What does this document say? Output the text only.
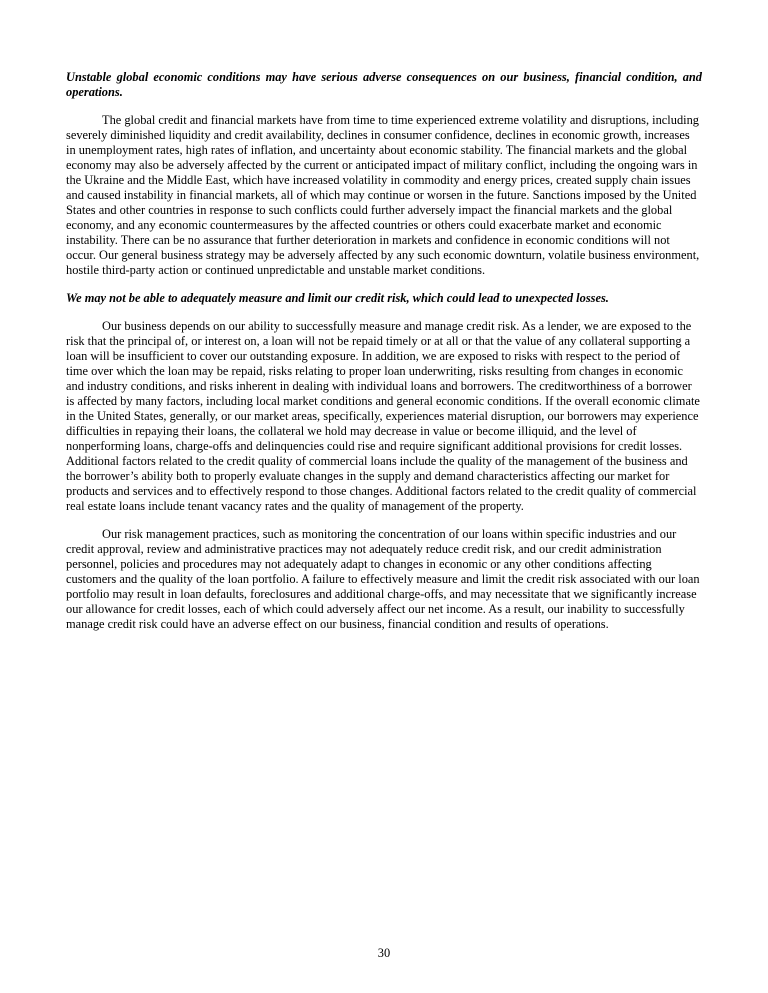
Unstable global economic conditions may have serious adverse consequences on our business, financial condition, and operations.

The global credit and financial markets have from time to time experienced extreme volatility and disruptions, including severely diminished liquidity and credit availability, declines in consumer confidence, declines in economic growth, increases in unemployment rates, high rates of inflation, and uncertainty about economic stability. The financial markets and the global economy may also be adversely affected by the current or anticipated impact of military conflict, including the ongoing wars in the Ukraine and the Middle East, which have increased volatility in commodity and energy prices, created supply chain issues and caused instability in financial markets, all of which may continue or worsen in the future. Sanctions imposed by the United States and other countries in response to such conflicts could further adversely impact the financial markets and the global economy, and any economic countermeasures by the affected countries or others could exacerbate market and economic instability. There can be no assurance that further deterioration in markets and confidence in economic conditions will not occur. Our general business strategy may be adversely affected by any such economic downturn, volatile business environment, hostile third-party action or continued unpredictable and unstable market conditions.

We may not be able to adequately measure and limit our credit risk, which could lead to unexpected losses.

Our business depends on our ability to successfully measure and manage credit risk. As a lender, we are exposed to the risk that the principal of, or interest on, a loan will not be repaid timely or at all or that the value of any collateral supporting a loan will be insufficient to cover our outstanding exposure. In addition, we are exposed to risks with respect to the period of time over which the loan may be repaid, risks relating to proper loan underwriting, risks resulting from changes in economic and industry conditions, and risks inherent in dealing with individual loans and borrowers. The creditworthiness of a borrower is affected by many factors, including local market conditions and general economic conditions. If the overall economic climate in the United States, generally, or our market areas, specifically, experiences material disruption, our borrowers may experience difficulties in repaying their loans, the collateral we hold may decrease in value or become illiquid, and the level of nonperforming loans, charge-offs and delinquencies could rise and require significant additional provisions for credit losses. Additional factors related to the credit quality of commercial loans include the quality of the management of the business and the borrower’s ability both to properly evaluate changes in the supply and demand characteristics affecting our market for products and services and to effectively respond to those changes. Additional factors related to the credit quality of commercial real estate loans include tenant vacancy rates and the quality of management of the property.

Our risk management practices, such as monitoring the concentration of our loans within specific industries and our credit approval, review and administrative practices may not adequately reduce credit risk, and our credit administration personnel, policies and procedures may not adequately adapt to changes in economic or any other conditions affecting customers and the quality of the loan portfolio. A failure to effectively measure and limit the credit risk associated with our loan portfolio may result in loan defaults, foreclosures and additional charge-offs, and may necessitate that we significantly increase our allowance for credit losses, each of which could adversely affect our net income. As a result, our inability to successfully manage credit risk could have an adverse effect on our business, financial condition and results of operations.

30
